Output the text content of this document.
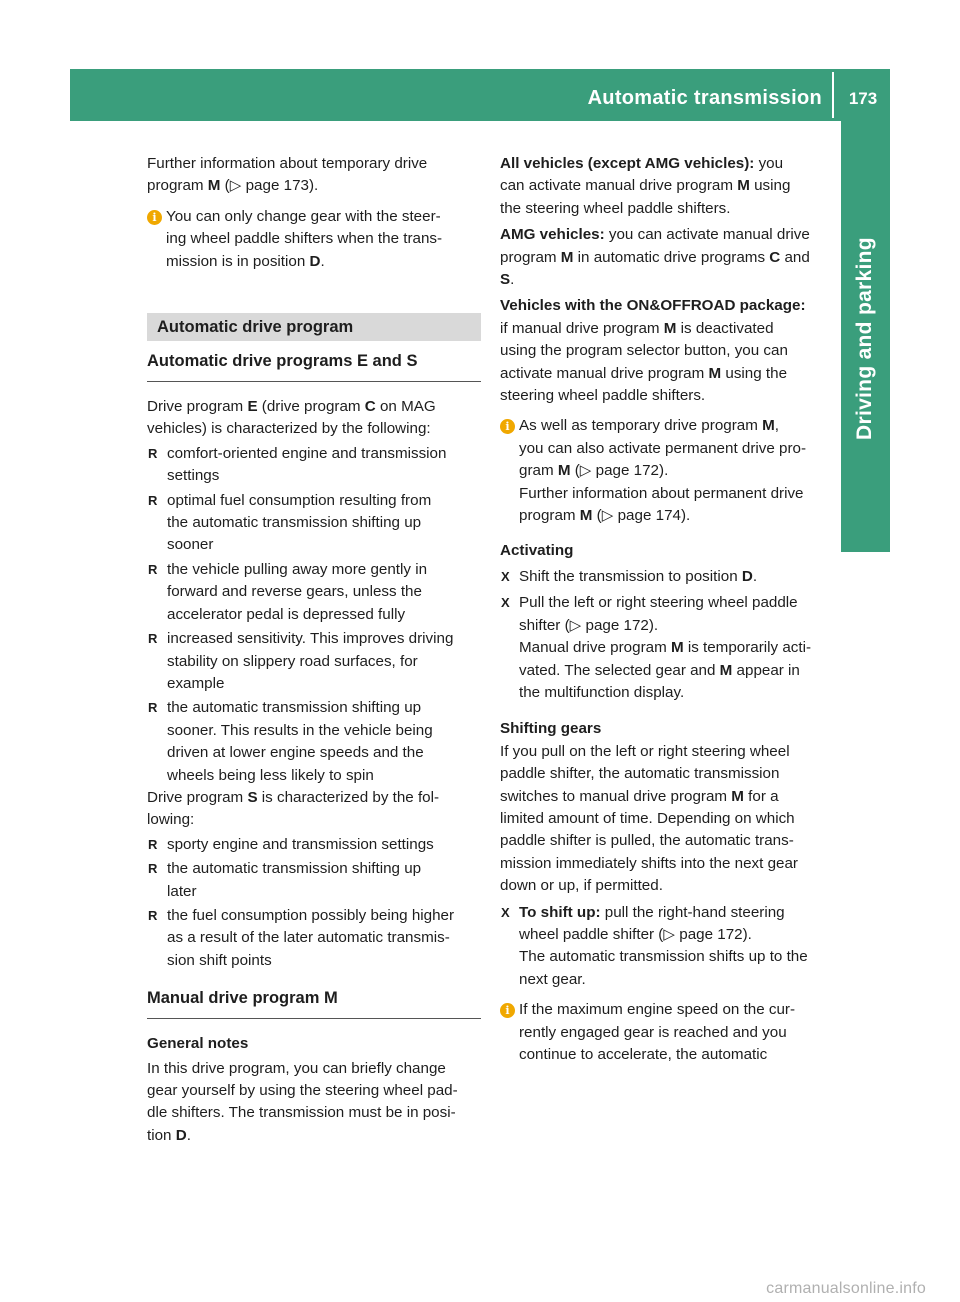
Automatic transmission	173
Driving and parking

Further information about temporary drive
program M (▷ page 173).

i You can only change gear with the steer-
ing wheel paddle shifters when the trans-
mission is in position D.
Automatic drive program
Automatic drive programs E and S

Drive program E (drive program C on MAG
vehicles) is characterized by the following:

R comfort-oriented engine and transmission
settings
R optimal fuel consumption resulting from
the automatic transmission shifting up
sooner
R the vehicle pulling away more gently in
forward and reverse gears, unless the
accelerator pedal is depressed fully
R increased sensitivity. This improves driving
stability on slippery road surfaces, for
example
R the automatic transmission shifting up
sooner. This results in the vehicle being
driven at lower engine speeds and the
wheels being less likely to spin

Drive program S is characterized by the fol-
lowing:

R sporty engine and transmission settings
R the automatic transmission shifting up
later
R the fuel consumption possibly being higher
as a result of the later automatic transmis-
sion shift points
Manual drive program M

General notes

In this drive program, you can briefly change
gear yourself by using the steering wheel pad-
dle shifters. The transmission must be in posi-
tion D.

All vehicles (except AMG vehicles): you
can activate manual drive program M using
the steering wheel paddle shifters.

AMG vehicles: you can activate manual drive
program M in automatic drive programs C and
S.

Vehicles with the ON&OFFROAD package:
if manual drive program M is deactivated
using the program selector button, you can
activate manual drive program M using the
steering wheel paddle shifters.

i As well as temporary drive program M,
you can also activate permanent drive pro-
gram M (▷ page 172).
Further information about permanent drive
program M (▷ page 174).

Activating

X Shift the transmission to position D.
X Pull the left or right steering wheel paddle
shifter (▷ page 172).
Manual drive program M is temporarily acti-
vated. The selected gear and M appear in
the multifunction display.

Shifting gears

If you pull on the left or right steering wheel
paddle shifter, the automatic transmission
switches to manual drive program M for a
limited amount of time. Depending on which
paddle shifter is pulled, the automatic trans-
mission immediately shifts into the next gear
down or up, if permitted.

X To shift up: pull the right-hand steering
wheel paddle shifter (▷ page 172).
The automatic transmission shifts up to the
next gear.
i If the maximum engine speed on the cur-
rently engaged gear is reached and you
continue to accelerate, the automatic
carmanualsonline.info
